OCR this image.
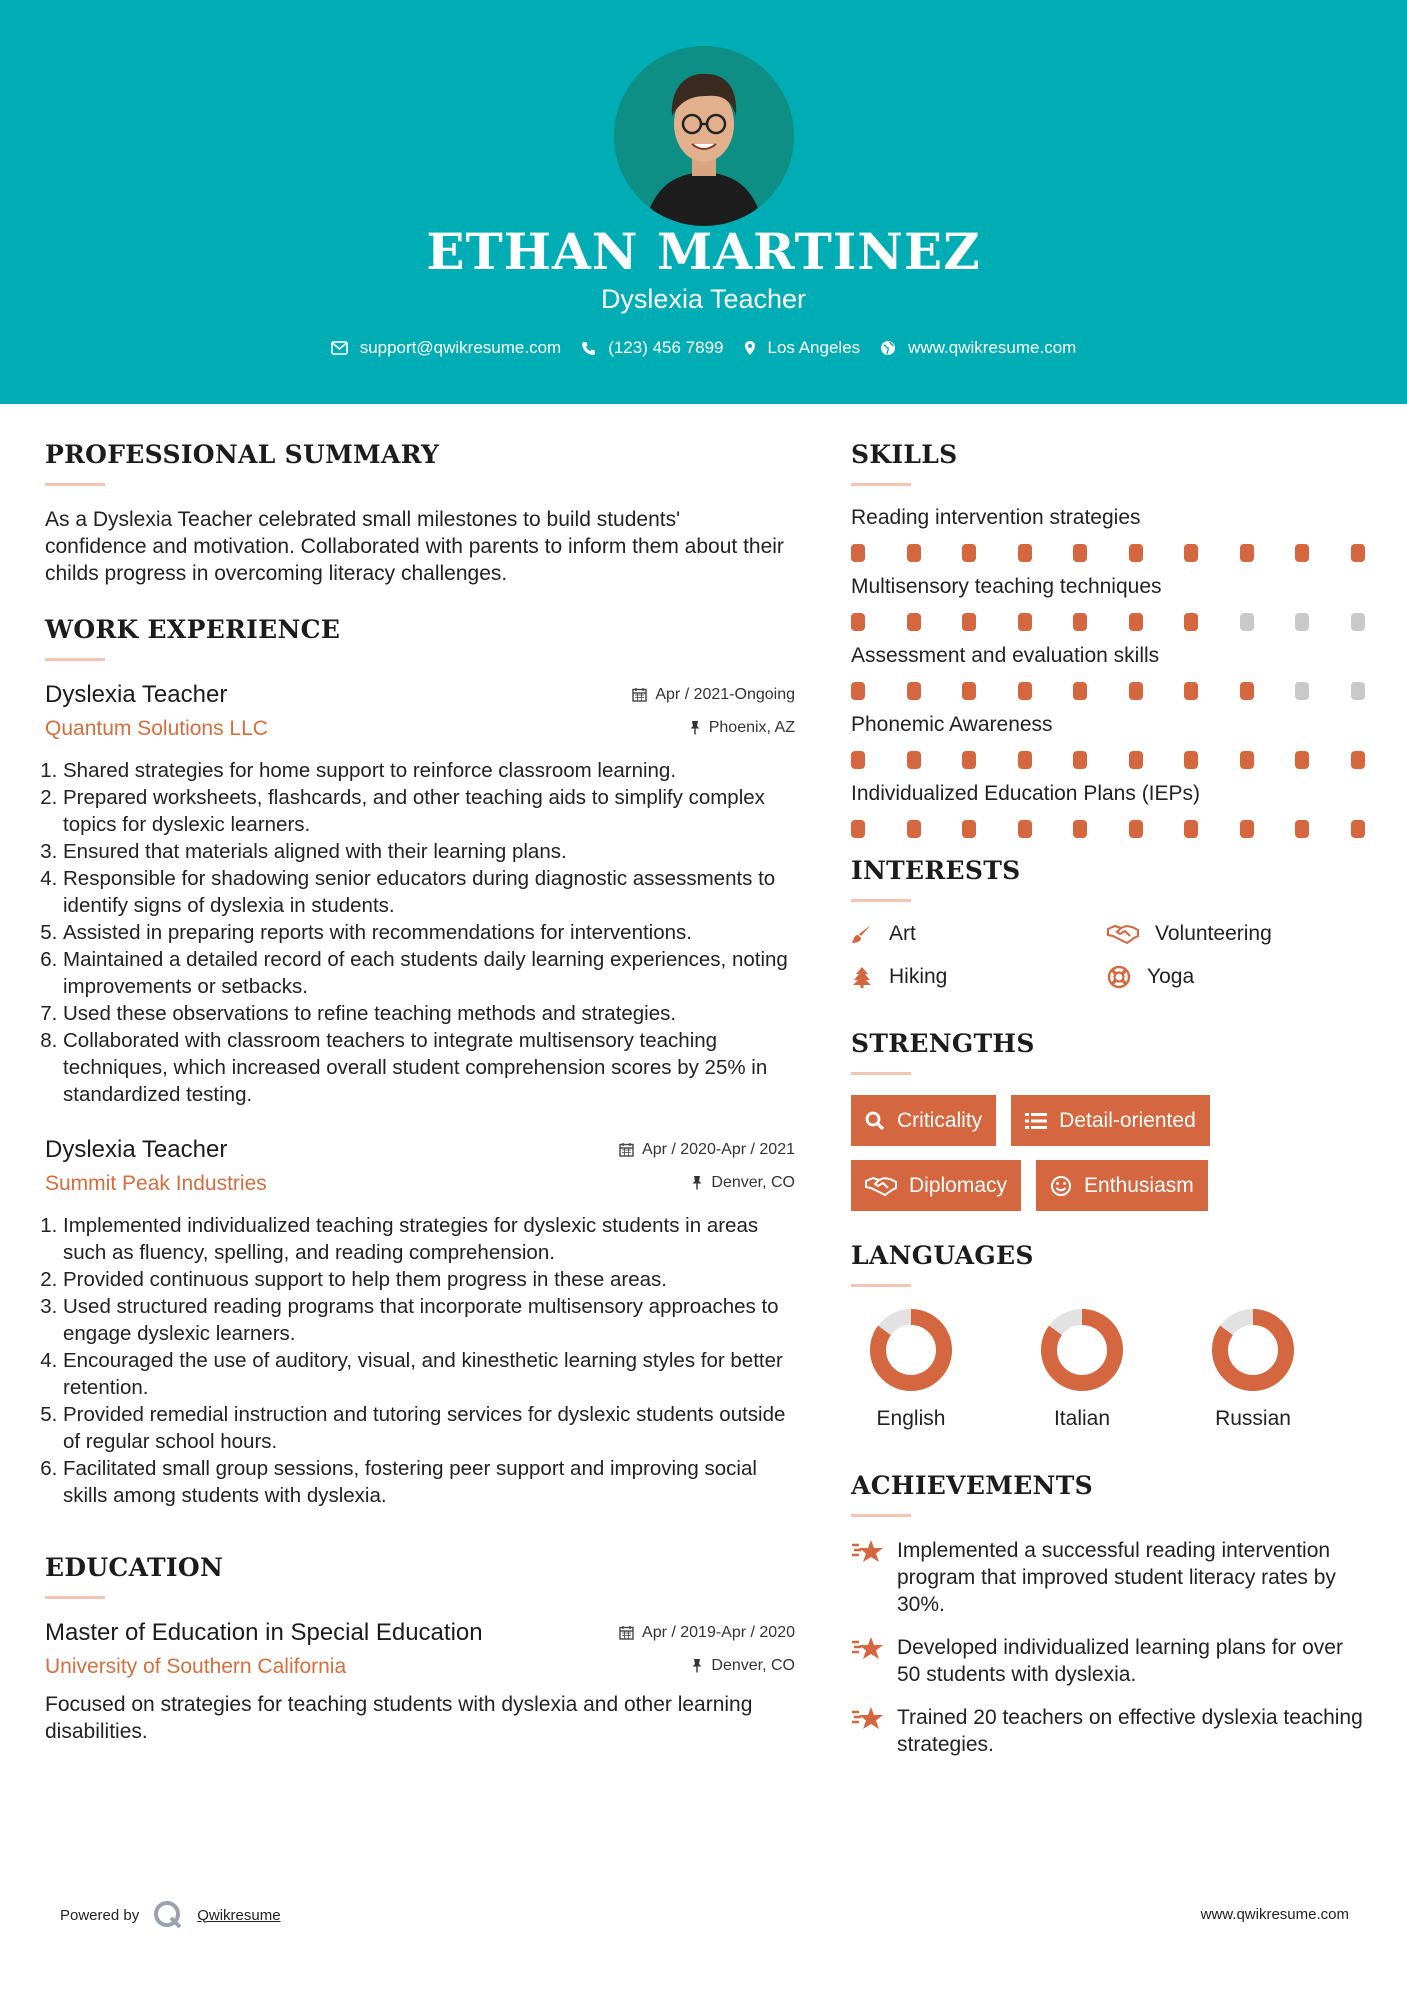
ETHAN MARTINEZ
Dyslexia Teacher
support@qwikresume.com	(123) 456 7899	Los Angeles	www.qwikresume.com
PROFESSIONAL SUMMARY
As a Dyslexia Teacher celebrated small milestones to build students' confidence and motivation. Collaborated with parents to inform them about their childs progress in overcoming literacy challenges.
WORK EXPERIENCE
Dyslexia Teacher	Apr / 2021-Ongoing
Quantum Solutions LLC	Phoenix, AZ
1. Shared strategies for home support to reinforce classroom learning.
2. Prepared worksheets, flashcards, and other teaching aids to simplify complex topics for dyslexic learners.
3. Ensured that materials aligned with their learning plans.
4. Responsible for shadowing senior educators during diagnostic assessments to identify signs of dyslexia in students.
5. Assisted in preparing reports with recommendations for interventions.
6. Maintained a detailed record of each students daily learning experiences, noting improvements or setbacks.
7. Used these observations to refine teaching methods and strategies.
8. Collaborated with classroom teachers to integrate multisensory teaching techniques, which increased overall student comprehension scores by 25% in standardized testing.
Dyslexia Teacher	Apr / 2020-Apr / 2021
Summit Peak Industries	Denver, CO
1. Implemented individualized teaching strategies for dyslexic students in areas such as fluency, spelling, and reading comprehension.
2. Provided continuous support to help them progress in these areas.
3. Used structured reading programs that incorporate multisensory approaches to engage dyslexic learners.
4. Encouraged the use of auditory, visual, and kinesthetic learning styles for better retention.
5. Provided remedial instruction and tutoring services for dyslexic students outside of regular school hours.
6. Facilitated small group sessions, fostering peer support and improving social skills among students with dyslexia.
EDUCATION
Master of Education in Special Education	Apr / 2019-Apr / 2020
University of Southern California	Denver, CO
Focused on strategies for teaching students with dyslexia and other learning disabilities.
SKILLS
Reading intervention strategies
Multisensory teaching techniques
Assessment and evaluation skills
Phonemic Awareness
Individualized Education Plans (IEPs)
INTERESTS
Art	Volunteering
Hiking	Yoga
STRENGTHS
Criticality	Detail-oriented
Diplomacy	Enthusiasm
LANGUAGES
English	Italian	Russian
ACHIEVEMENTS
Implemented a successful reading intervention program that improved student literacy rates by 30%.
Developed individualized learning plans for over 50 students with dyslexia.
Trained 20 teachers on effective dyslexia teaching strategies.
Powered by	Qwikresume	www.qwikresume.com
